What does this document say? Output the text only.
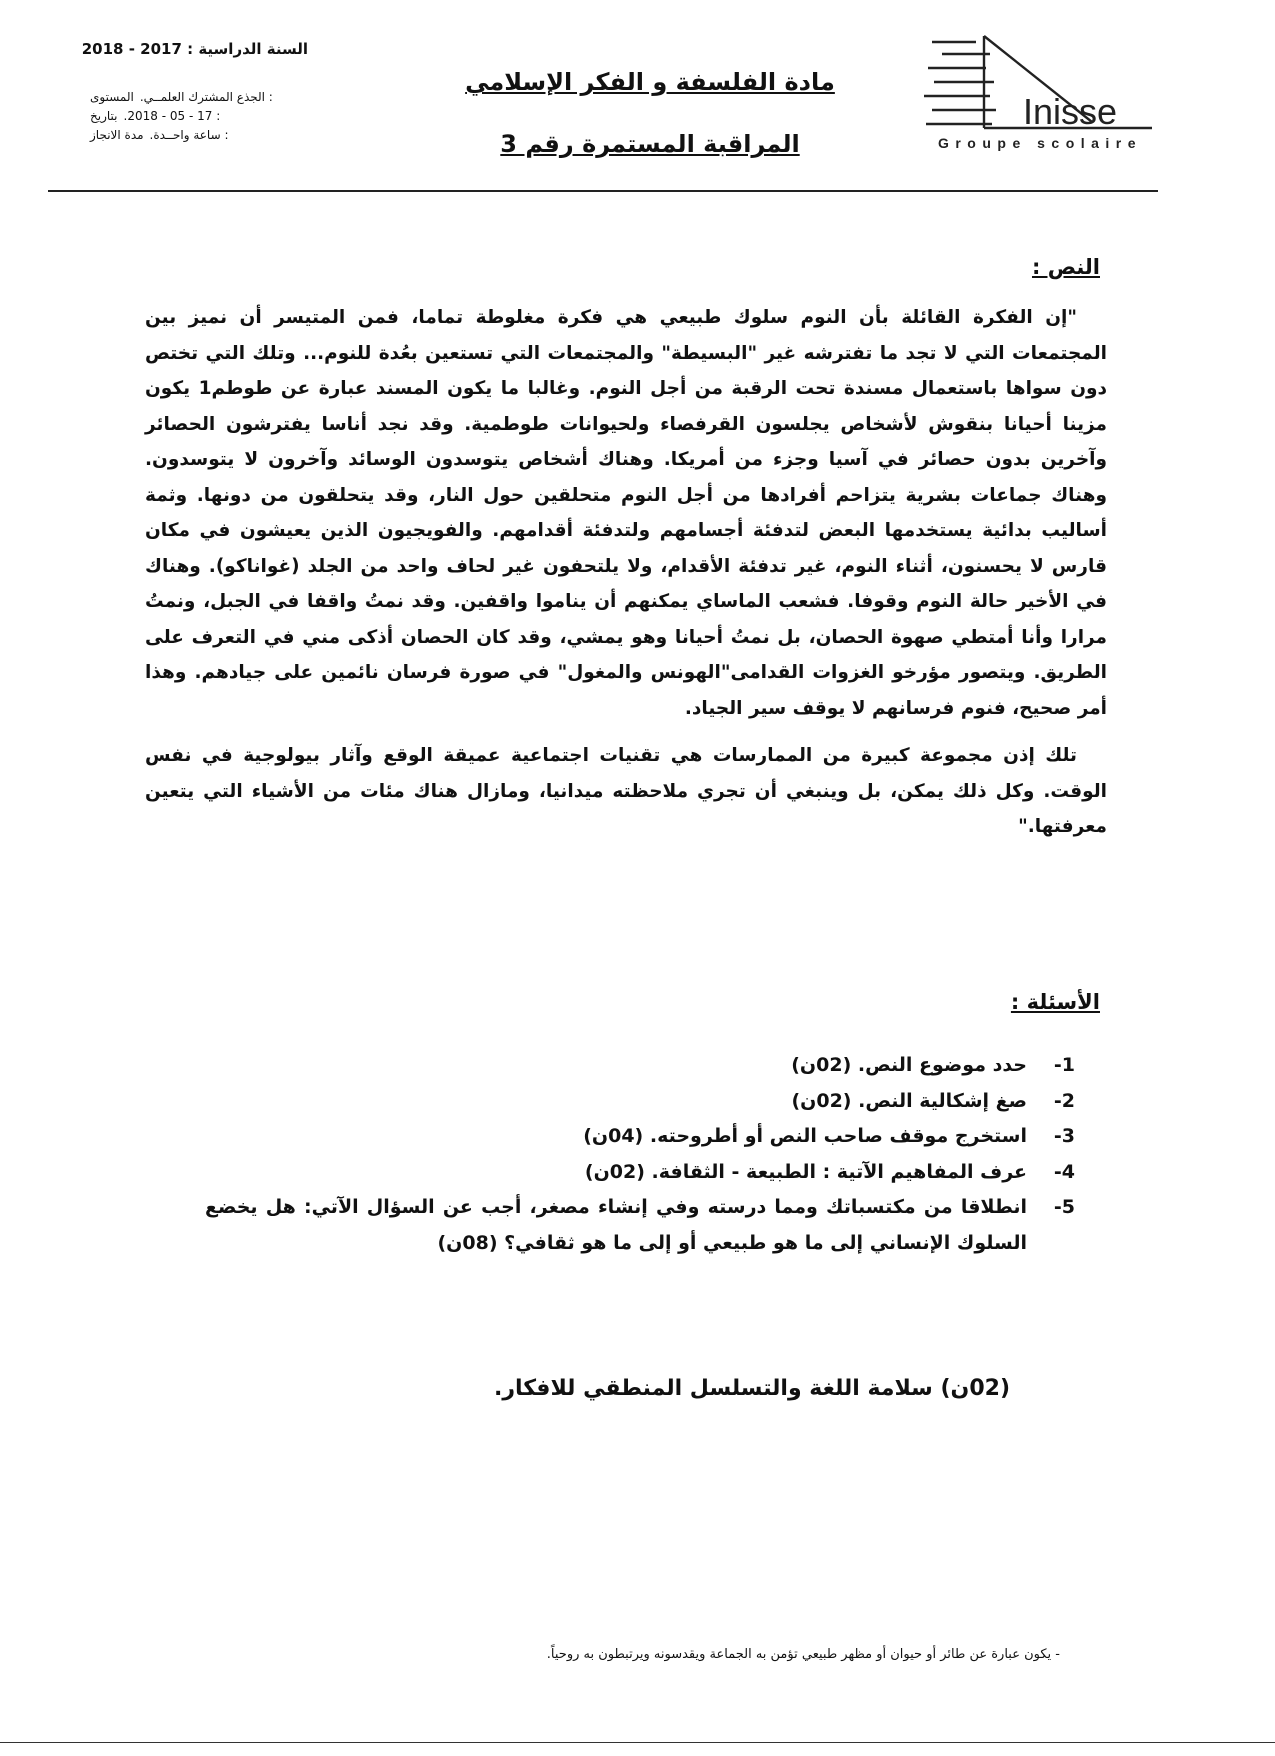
السنة الدراسية : 2017 - 2018
المستوى : الجذع المشترك العلمــي.
بتاريخ : 17 - 05 - 2018.
مدة الانجاز : ساعة واحــدة.
مادة الفلسفة و الفكر الإسلامي
المراقبة المستمرة رقم 3
Inisse
Groupe scolaire
النص :

"إن الفكرة القائلة بأن النوم سلوك طبيعي هي فكرة مغلوطة تماما، فمن المتيسر أن نميز بين المجتمعات التي لا تجد ما تفترشه غير "البسيطة" والمجتمعات التي تستعين بعُدة للنوم... وتلك التي تختص دون سواها باستعمال مسندة تحت الرقبة من أجل النوم. وغالبا ما يكون المسند عبارة عن طوطم1 يكون مزينا أحيانا بنقوش لأشخاص يجلسون القرفصاء ولحيوانات طوطمية. وقد نجد أناسا يفترشون الحصائر وآخرين بدون حصائر في آسيا وجزء من أمريكا. وهناك أشخاص يتوسدون الوسائد وآخرون لا يتوسدون. وهناك جماعات بشرية يتزاحم أفرادها من أجل النوم متحلقين حول النار، وقد يتحلقون من دونها. وثمة أساليب بدائية يستخدمها البعض لتدفئة أجسامهم ولتدفئة أقدامهم. والفويجيون الذين يعيشون في مكان قارس لا يحسنون، أثناء النوم، غير تدفئة الأقدام، ولا يلتحفون غير لحاف واحد من الجلد (غواناكو). وهناك في الأخير حالة النوم وقوفا. فشعب الماساي يمكنهم أن يناموا واقفين. وقد نمتُ واقفا في الجبل، ونمتُ مرارا وأنا أمتطي صهوة الحصان، بل نمتُ أحيانا وهو يمشي، وقد كان الحصان أذكى مني في التعرف على الطريق. ويتصور مؤرخو الغزوات القدامى"الهونس والمغول" في صورة فرسان نائمين على جيادهم. وهذا أمر صحيح، فنوم فرسانهم لا يوقف سير الجياد.

تلك إذن مجموعة كبيرة من الممارسات هي تقنيات اجتماعية عميقة الوقع وآثار بيولوجية في نفس الوقت. وكل ذلك يمكن، بل وينبغي أن تجري ملاحظته ميدانيا، ومازال هناك مئات من الأشياء التي يتعين معرفتها."

الأسئلة :
-1
حدد موضوع النص. (02ن)
-2
صغ إشكالية النص. (02ن)
-3
استخرج موقف صاحب النص أو أطروحته. (04ن)
-4
عرف المفاهيم الآتية : الطبيعة - الثقافة. (02ن)
-5
انطلاقا من مكتسباتك ومما درسته وفي إنشاء مصغر، أجب عن السؤال الآتي: هل يخضع السلوك الإنساني إلى ما هو طبيعي أو إلى ما هو ثقافي؟ (08ن)
(02ن) سلامة اللغة والتسلسل المنطقي للافكار.
- يكون عبارة عن طائر أو حيوان أو مظهر طبيعي تؤمن به الجماعة ويقدسونه ويرتبطون به روحياً.
